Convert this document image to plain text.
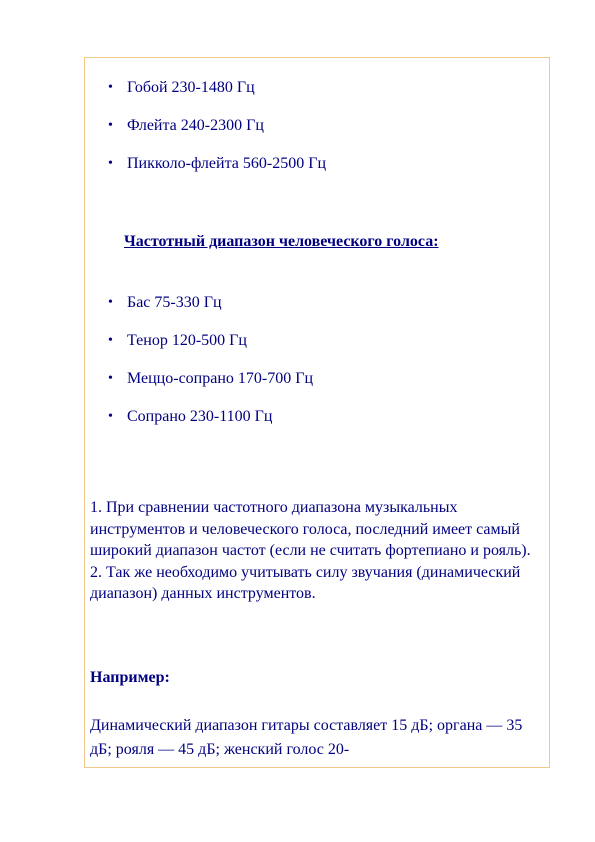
• Гобой 230-1480 Гц
• Флейта 240-2300 Гц
• Пикколо-флейта 560-2500 Гц
Частотный диапазон человеческого голоса:
• Бас 75-330 Гц
• Тенор 120-500 Гц
• Меццо-сопрано 170-700 Гц
• Сопрано 230-1100 Гц

1. При сравнении частотного диапазона музыкальных инструментов и человеческого голоса, последний имеет самый широкий диапазон частот (если не считать фортепиано и рояль).

2. Так же необходимо учитывать силу звучания (динамический диапазон) данных инструментов.

Например:

Динамический диапазон гитары составляет 15 дБ; органа — 35 дБ; рояля — 45 дБ; женский голос 20-
